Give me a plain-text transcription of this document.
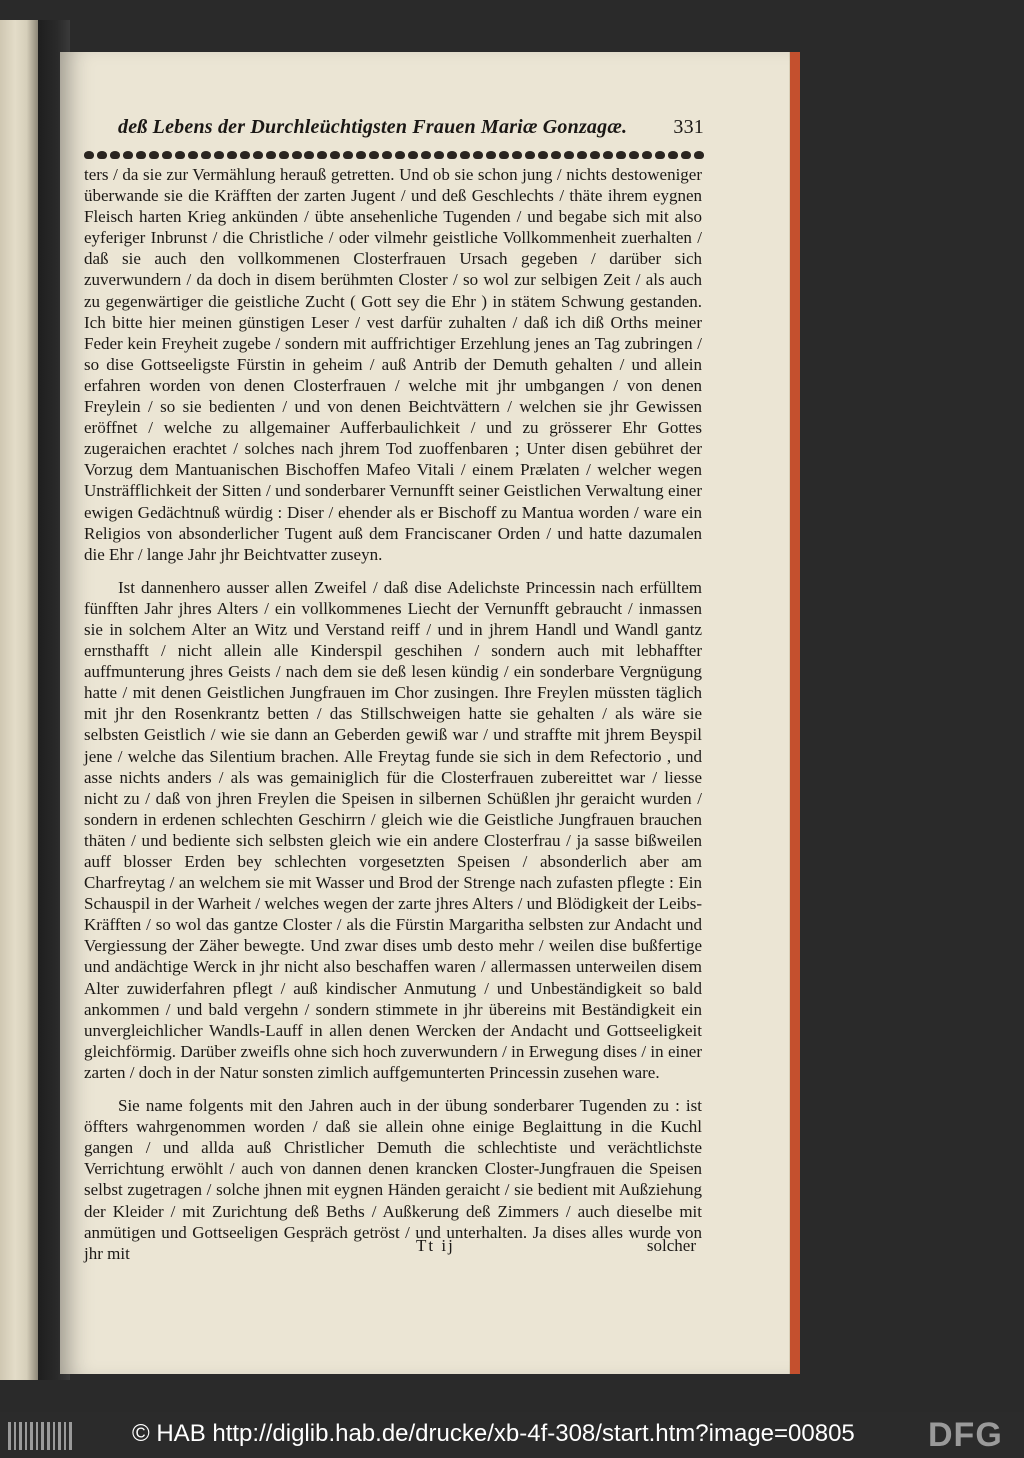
deß Lebens der Durchleüchtigsten Frauen Mariæ Gonzagæ. 331

ters / da sie zur Vermählung herauß getretten. Und ob sie schon jung / nichts destoweniger überwande sie die Kräfften der zarten Jugent / und deß Geschlechts / thäte ihrem eygnen Fleisch harten Krieg ankünden / übte ansehenliche Tugenden / und begabe sich mit also eyferiger Inbrunst / die Christliche / oder vilmehr geistliche Vollkommenheit zuerhalten / daß sie auch den vollkommenen Closterfrauen Ursach gegeben / darüber sich zuverwundern / da doch in disem berühmten Closter / so wol zur selbigen Zeit / als auch zu gegenwärtiger die geistliche Zucht ( Gott sey die Ehr ) in stätem Schwung gestanden. Ich bitte hier meinen günstigen Leser / vest darfür zuhalten / daß ich diß Orths meiner Feder kein Freyheit zugebe / sondern mit auffrichtiger Erzehlung jenes an Tag zubringen / so dise Gottseeligste Fürstin in geheim / auß Antrib der Demuth gehalten / und allein erfahren worden von denen Closterfrauen / welche mit jhr umbgangen / von denen Freylein / so sie bedienten / und von denen Beichtvättern / welchen sie jhr Gewissen eröffnet / welche zu allgemainer Aufferbaulichkeit / und zu grösserer Ehr Gottes zugeraichen erachtet / solches nach jhrem Tod zuoffenbaren ; Unter disen gebühret der Vorzug dem Mantuanischen Bischoffen Mafeo Vitali / einem Prælaten / welcher wegen Unsträfflichkeit der Sitten / und sonderbarer Vernunfft seiner Geistlichen Verwaltung einer ewigen Gedächtnuß würdig : Diser / ehender als er Bischoff zu Mantua worden / ware ein Religios von absonderlicher Tugent auß dem Franciscaner Orden / und hatte dazumalen die Ehr / lange Jahr jhr Beichtvatter zuseyn.

Ist dannenhero ausser allen Zweifel / daß dise Adelichste Princessin nach erfülltem fünfften Jahr jhres Alters / ein vollkommenes Liecht der Vernunfft gebraucht / inmassen sie in solchem Alter an Witz und Verstand reiff / und in jhrem Handl und Wandl gantz ernsthafft / nicht allein alle Kinderspil geschihen / sondern auch mit lebhaffter auffmunterung jhres Geists / nach dem sie deß lesen kündig / ein sonderbare Vergnügung hatte / mit denen Geistlichen Jungfrauen im Chor zusingen. Ihre Freylen müssten täglich mit jhr den Rosenkrantz betten / das Stillschweigen hatte sie gehalten / als wäre sie selbsten Geistlich / wie sie dann an Geberden gewiß war / und straffte mit jhrem Beyspil jene / welche das Silentium brachen. Alle Freytag funde sie sich in dem Refectorio , und asse nichts anders / als was gemainiglich für die Closterfrauen zubereittet war / liesse nicht zu / daß von jhren Freylen die Speisen in silbernen Schüßlen jhr geraicht wurden / sondern in erdenen schlechten Geschirrn / gleich wie die Geistliche Jungfrauen brauchen thäten / und bediente sich selbsten gleich wie ein andere Closterfrau / ja sasse bißweilen auff blosser Erden bey schlechten vorgesetzten Speisen / absonderlich aber am Charfreytag / an welchem sie mit Wasser und Brod der Strenge nach zufasten pflegte : Ein Schauspil in der Warheit / welches wegen der zarte jhres Alters / und Blödigkeit der Leibs-Kräfften / so wol das gantze Closter / als die Fürstin Margaritha selbsten zur Andacht und Vergiessung der Zäher bewegte. Und zwar dises umb desto mehr / weilen dise bußfertige und andächtige Werck in jhr nicht also beschaffen waren / allermassen unterweilen disem Alter zuwiderfahren pflegt / auß kindischer Anmutung / und Unbeständigkeit so bald ankommen / und bald vergehn / sondern stimmete in jhr übereins mit Beständigkeit ein unvergleichlicher Wandls-Lauff in allen denen Wercken der Andacht und Gottseeligkeit gleichförmig. Darüber zweifls ohne sich hoch zuverwundern / in Erwegung dises / in einer zarten / doch in der Natur sonsten zimlich auffgemunterten Princessin zusehen ware.

Sie name folgents mit den Jahren auch in der übung sonderbarer Tugenden zu : ist öffters wahrgenommen worden / daß sie allein ohne einige Beglaittung in die Kuchl gangen / und allda auß Christlicher Demuth die schlechtiste und verächtlichste Verrichtung erwöhlt / auch von dannen denen krancken Closter-Jungfrauen die Speisen selbst zugetragen / solche jhnen mit eygnen Händen geraicht / sie bedient mit Außziehung der Kleider / mit Zurichtung deß Beths / Außkerung deß Zimmers / auch dieselbe mit anmütigen und Gottseeligen Gespräch getröst / und unterhalten. Ja dises alles wurde von jhr mit	Tt ij	solcher
© HAB http://diglib.hab.de/drucke/xb-4f-308/start.htm?image=00805 DFG
